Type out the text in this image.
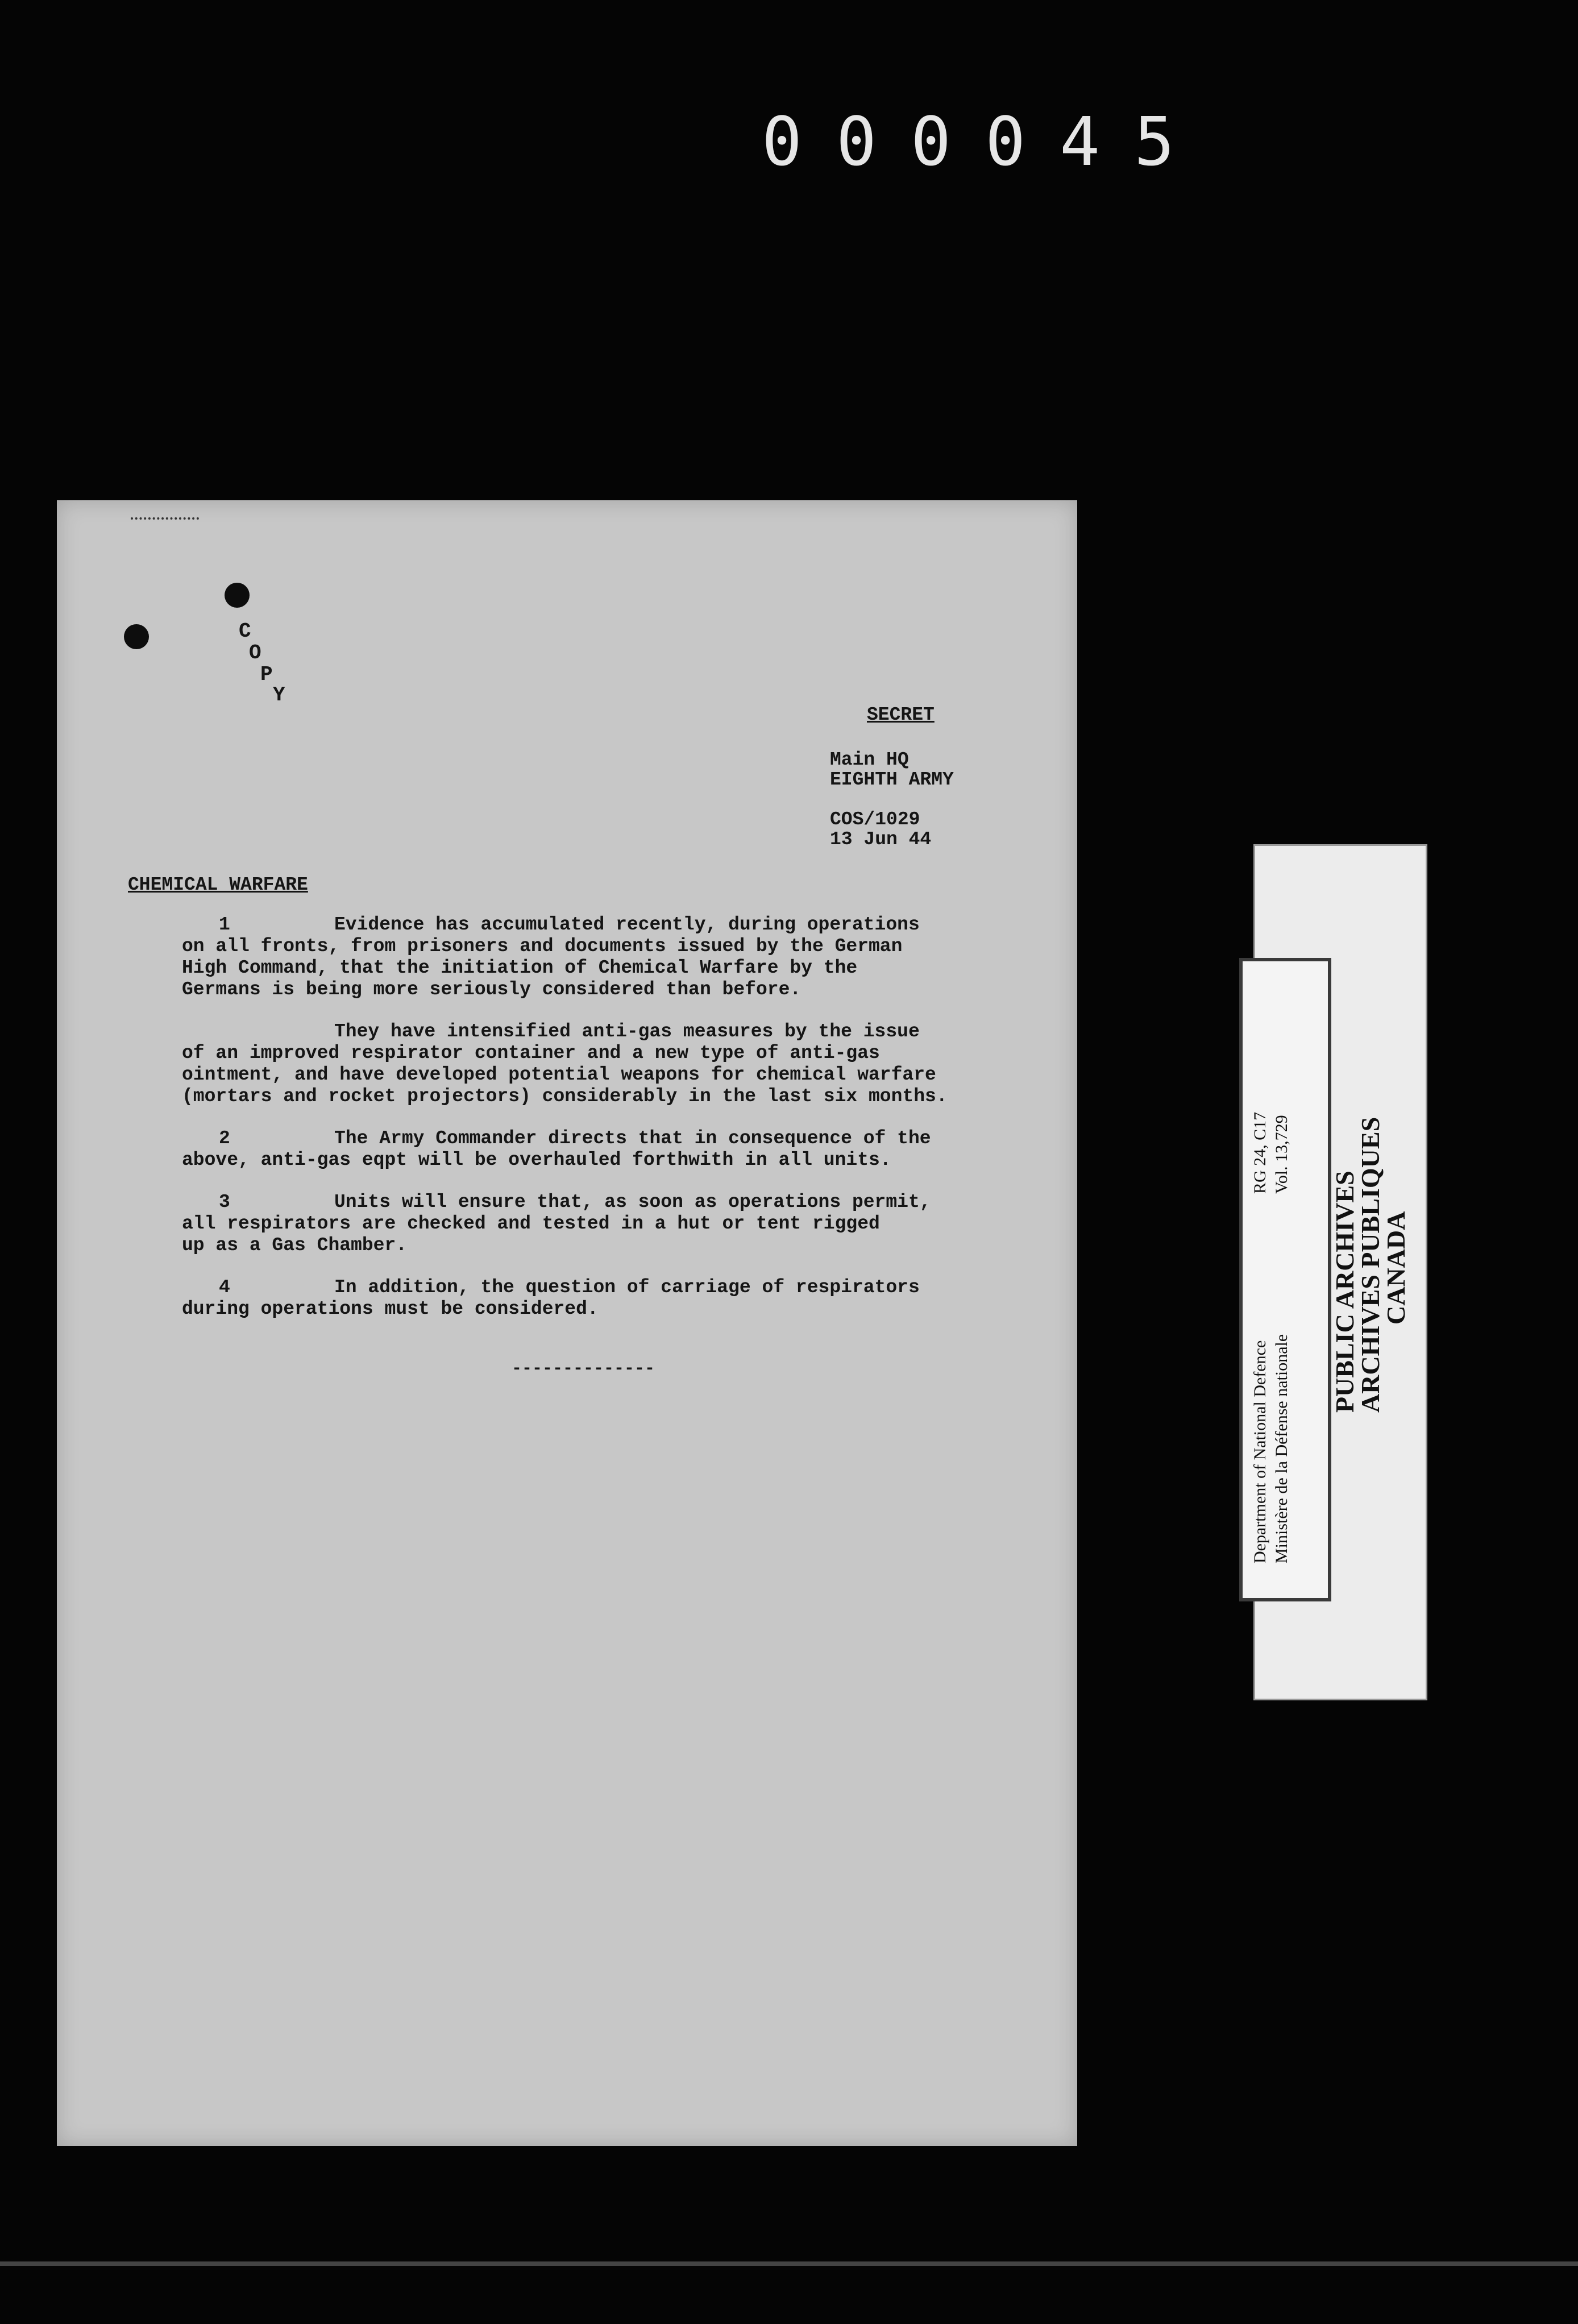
000045
C
O
P
Y
SECRET
Main HQ
EIGHTH ARMY
COS/1029
13 Jun 44
CHEMICAL WARFARE
1	Evidence has accumulated recently, during operations
on all fronts, from prisoners and documents issued by the German
High Command, that the initiation of Chemical Warfare by the
Germans is being more seriously considered than before.
They have intensified anti-gas measures by the issue
of an improved respirator container and a new type of anti-gas
ointment, and have developed potential weapons for chemical warfare
(mortars and rocket projectors) considerably in the last six months.
2	The Army Commander directs that in consequence of the
above, anti-gas eqpt will be overhauled forthwith in all units.
3	Units will ensure that, as soon as operations permit,
all respirators are checked and tested in a hut or tent rigged
up as a Gas Chamber.
4	In addition, the question of carriage of respirators
during operations must be considered.
--------------	Department of National Defence Ministère de la Défense nationale
RG 24, C17 Vol. 13,729
PUBLIC ARCHIVES
ARCHIVES PUBLIQUES
CANADA
